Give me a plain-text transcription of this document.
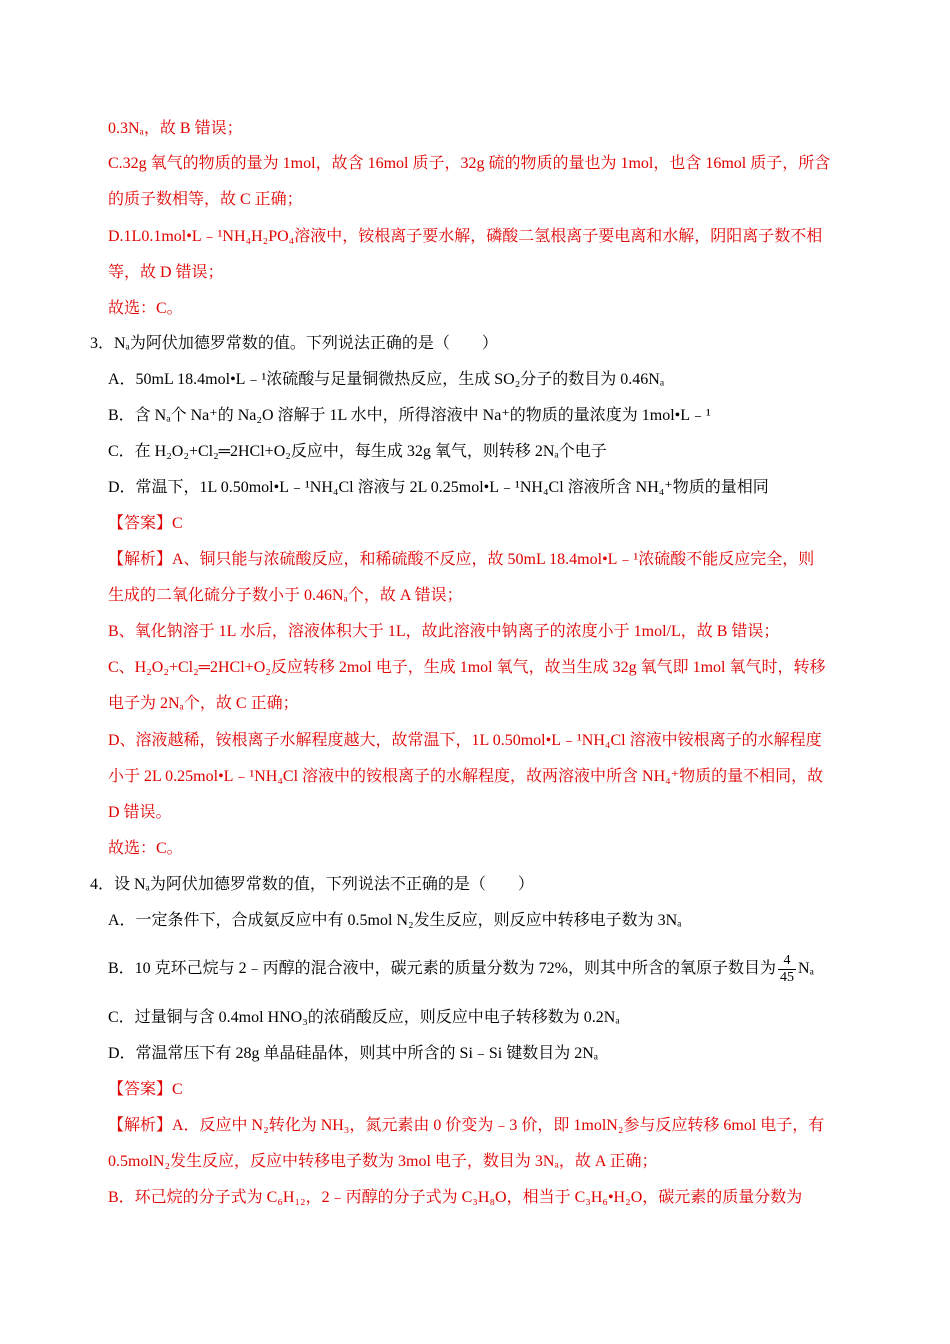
0.3Nₐ，故 B 错误；
C.32g 氧气的物质的量为 1mol，故含 16mol 质子，32g 硫的物质的量也为 1mol，也含 16mol 质子，所含
的质子数相等，故 C 正确；
D.1L0.1mol•L﹣¹NH₄H₂PO₄溶液中，铵根离子要水解，磷酸二氢根离子要电离和水解，阴阳离子数不相
等，故 D 错误；
故选：C。
3．Nₐ为阿伏加德罗常数的值。下列说法正确的是（　　）
A．50mL 18.4mol•L﹣¹浓硫酸与足量铜微热反应，生成 SO₂分子的数目为 0.46Nₐ
B．含 Nₐ个 Na⁺的 Na₂O 溶解于 1L 水中，所得溶液中 Na⁺的物质的量浓度为 1mol•L﹣¹
C．在 H₂O₂+Cl₂═2HCl+O₂反应中，每生成 32g 氧气，则转移 2Nₐ个电子
D．常温下，1L 0.50mol•L﹣¹NH₄Cl 溶液与 2L 0.25mol•L﹣¹NH₄Cl 溶液所含 NH₄⁺物质的量相同
【答案】C
【解析】A、铜只能与浓硫酸反应，和稀硫酸不反应，故 50mL 18.4mol•L﹣¹浓硫酸不能反应完全，则
生成的二氧化硫分子数小于 0.46Nₐ个，故 A 错误；
B、氧化钠溶于 1L 水后，溶液体积大于 1L，故此溶液中钠离子的浓度小于 1mol/L，故 B 错误；
C、H₂O₂+Cl₂═2HCl+O₂反应转移 2mol 电子，生成 1mol 氧气，故当生成 32g 氧气即 1mol 氧气时，转移
电子为 2Nₐ个，故 C 正确；
D、溶液越稀，铵根离子水解程度越大，故常温下，1L 0.50mol•L﹣¹NH₄Cl 溶液中铵根离子的水解程度
小于 2L 0.25mol•L﹣¹NH₄Cl 溶液中的铵根离子的水解程度，故两溶液中所含 NH₄⁺物质的量不相同，故
D 错误。
故选：C。
4．设 Nₐ为阿伏加德罗常数的值，下列说法不正确的是（　　）
A．一定条件下，合成氨反应中有 0.5mol N₂发生反应，则反应中转移电子数为 3Nₐ
B．10 克环己烷与 2﹣丙醇的混合液中，碳元素的质量分数为 72%，则其中所含的氧原子数目为 $\frac{4}{45}$ Nₐ
C．过量铜与含 0.4mol HNO₃的浓硝酸反应，则反应中电子转移数为 0.2Nₐ
D．常温常压下有 28g 单晶硅晶体，则其中所含的 Si﹣Si 键数目为 2Nₐ
【答案】C
【解析】A．反应中 N₂转化为 NH₃，氮元素由 0 价变为﹣3 价，即 1molN₂参与反应转移 6mol 电子，有
0.5molN₂发生反应，反应中转移电子数为 3mol 电子，数目为 3Nₐ，故 A 正确；
B．环己烷的分子式为 C₆H₁₂，2﹣丙醇的分子式为 C₃H₈O，相当于 C₃H₆•H₂O，碳元素的质量分数为
